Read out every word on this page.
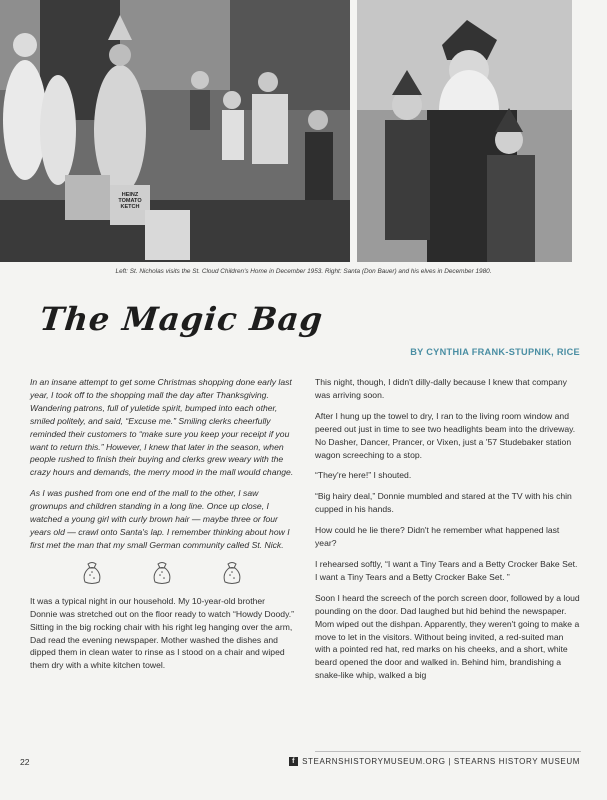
HEINZ
TOMATO
KETCH
Left: St. Nicholas visits the St. Cloud Children's Home in December 1953. Right: Santa (Don Bauer) and his elves in December 1980.
The Magic Bag
BY CYNTHIA FRANK-STUPNIK, RICE

In an insane attempt to get some Christmas shopping done early last year, I took off to the shopping mall the day after Thanksgiving. Wandering patrons, full of yuletide spirit, bumped into each other, smiled politely, and said, “Excuse me.” Smiling clerks cheerfully reminded their customers to “make sure you keep your receipt if you want to return this.” However, I knew that later in the season, when people rushed to finish their buying and clerks grew weary with the crazy hours and demands, the merry mood in the mall would change.

As I was pushed from one end of the mall to the other, I saw grownups and children standing in a long line. Once up close, I watched a young girl with curly brown hair — maybe three or four years old — crawl onto Santa's lap. I remember thinking about how I first met the man that my small German community called St. Nick.

It was a typical night in our household. My 10-year-old brother Donnie was stretched out on the floor ready to watch “Howdy Doody.” Sitting in the big rocking chair with his right leg hanging over the arm, Dad read the evening newspaper. Mother washed the dishes and dipped them in clean water to rinse as I stood on a chair and wiped them dry with a white kitchen towel.

This night, though, I didn't dilly-dally because I knew that company was arriving soon.

After I hung up the towel to dry, I ran to the living room window and peered out just in time to see two headlights beam into the driveway. No Dasher, Dancer, Prancer, or Vixen, just a '57 Studebaker station wagon screeching to a stop.

“They're here!” I shouted.

“Big hairy deal,” Donnie mumbled and stared at the TV with his chin cupped in his hands.

How could he lie there? Didn't he remember what happened last year?

I rehearsed softly, “I want a Tiny Tears and a Betty Crocker Bake Set. I want a Tiny Tears and a Betty Crocker Bake Set. ”

Soon I heard the screech of the porch screen door, followed by a loud pounding on the door. Dad laughed but hid behind the newspaper. Mom wiped out the dishpan. Apparently, they weren't going to make a move to let in the visitors. Without being invited, a red-suited man with a pointed red hat, red marks on his cheeks, and a short, white beard opened the door and walked in. Behind him, brandishing a snake-like whip, walked a big

22	f STEARNSHISTORYMUSEUM.ORG | STEARNS HISTORY MUSEUM
